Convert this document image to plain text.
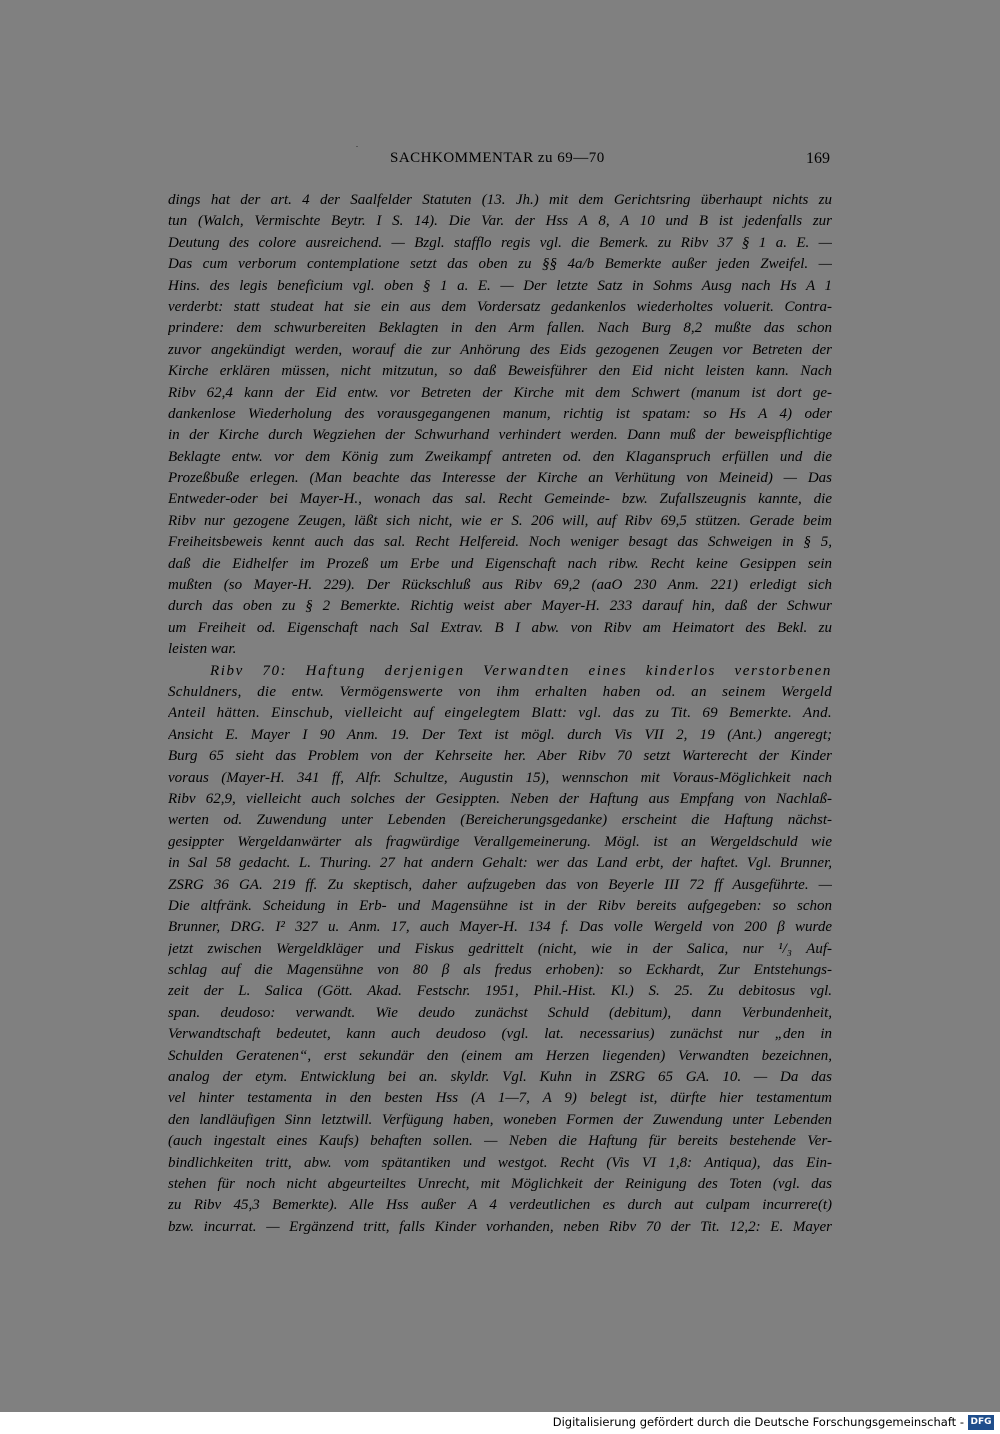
SACHKOMMENTAR zu 69—70	169
dings hat der art. 4 der Saalfelder Statuten (13. Jh.) mit dem Gerichtsring überhaupt nichts zu
tun (Walch, Vermischte Beytr. I S. 14). Die Var. der Hss A 8, A 10 und B ist jedenfalls zur
Deutung des colore ausreichend. — Bzgl. stafflo regis vgl. die Bemerk. zu Ribv 37 § 1 a. E. —
Das cum verborum contemplatione setzt das oben zu §§ 4a/b Bemerkte außer jeden Zweifel. —
Hins. des legis beneficium vgl. oben § 1 a. E. — Der letzte Satz in Sohms Ausg nach Hs A 1
verderbt: statt studeat hat sie ein aus dem Vordersatz gedankenlos wiederholtes voluerit. Contra-
prindere: dem schwurbereiten Beklagten in den Arm fallen. Nach Burg 8,2 mußte das schon
zuvor angekündigt werden, worauf die zur Anhörung des Eids gezogenen Zeugen vor Betreten der
Kirche erklären müssen, nicht mitzutun, so daß Beweisführer den Eid nicht leisten kann. Nach
Ribv 62,4 kann der Eid entw. vor Betreten der Kirche mit dem Schwert (manum ist dort ge-
dankenlose Wiederholung des vorausgegangenen manum, richtig ist spatam: so Hs A 4) oder
in der Kirche durch Wegziehen der Schwurhand verhindert werden. Dann muß der beweispflichtige
Beklagte entw. vor dem König zum Zweikampf antreten od. den Klaganspruch erfüllen und die
Prozeßbuße erlegen. (Man beachte das Interesse der Kirche an Verhütung von Meineid) — Das
Entweder-oder bei Mayer-H., wonach das sal. Recht Gemeinde- bzw. Zufallszeugnis kannte, die
Ribv nur gezogene Zeugen, läßt sich nicht, wie er S. 206 will, auf Ribv 69,5 stützen. Gerade beim
Freiheitsbeweis kennt auch das sal. Recht Helfereid. Noch weniger besagt das Schweigen in § 5,
daß die Eidhelfer im Prozeß um Erbe und Eigenschaft nach ribw. Recht keine Gesippen sein
mußten (so Mayer-H. 229). Der Rückschluß aus Ribv 69,2 (aaO 230 Anm. 221) erledigt sich
durch das oben zu § 2 Bemerkte. Richtig weist aber Mayer-H. 233 darauf hin, daß der Schwur
um Freiheit od. Eigenschaft nach Sal Extrav. B I abw. von Ribv am Heimatort des Bekl. zu
leisten war.
Ribv 70: Haftung derjenigen Verwandten eines kinderlos verstorbenen
Schuldners, die entw. Vermögenswerte von ihm erhalten haben od. an seinem Wergeld
Anteil hätten. Einschub, vielleicht auf eingelegtem Blatt: vgl. das zu Tit. 69 Bemerkte. And.
Ansicht E. Mayer I 90 Anm. 19. Der Text ist mögl. durch Vis VII 2, 19 (Ant.) angeregt;
Burg 65 sieht das Problem von der Kehrseite her. Aber Ribv 70 setzt Warterecht der Kinder
voraus (Mayer-H. 341 ff, Alfr. Schultze, Augustin 15), wennschon mit Voraus-Möglichkeit nach
Ribv 62,9, vielleicht auch solches der Gesippten. Neben der Haftung aus Empfang von Nachlaß-
werten od. Zuwendung unter Lebenden (Bereicherungsgedanke) erscheint die Haftung nächst-
gesippter Wergeldanwärter als fragwürdige Verallgemeinerung. Mögl. ist an Wergeldschuld wie
in Sal 58 gedacht. L. Thuring. 27 hat andern Gehalt: wer das Land erbt, der haftet. Vgl. Brunner,
ZSRG 36 GA. 219 ff. Zu skeptisch, daher aufzugeben das von Beyerle III 72 ff Ausgeführte. —
Die altfränk. Scheidung in Erb- und Magensühne ist in der Ribv bereits aufgegeben: so schon
Brunner, DRG. I² 327 u. Anm. 17, auch Mayer-H. 134 f. Das volle Wergeld von 200 β wurde
jetzt zwischen Wergeldkläger und Fiskus gedrittelt (nicht, wie in der Salica, nur ¹/₃ Auf-
schlag auf die Magensühne von 80 β als fredus erhoben): so Eckhardt, Zur Entstehungs-
zeit der L. Salica (Gött. Akad. Festschr. 1951, Phil.-Hist. Kl.) S. 25. Zu debitosus vgl.
span. deudoso: verwandt. Wie deudo zunächst Schuld (debitum), dann Verbundenheit,
Verwandtschaft bedeutet, kann auch deudoso (vgl. lat. necessarius) zunächst nur „den in
Schulden Geratenen“, erst sekundär den (einem am Herzen liegenden) Verwandten bezeichnen,
analog der etym. Entwicklung bei an. skyldr. Vgl. Kuhn in ZSRG 65 GA. 10. — Da das
vel hinter testamenta in den besten Hss (A 1—7, A 9) belegt ist, dürfte hier testamentum
den landläufigen Sinn letztwill. Verfügung haben, woneben Formen der Zuwendung unter Lebenden
(auch ingestalt eines Kaufs) behaften sollen. — Neben die Haftung für bereits bestehende Ver-
bindlichkeiten tritt, abw. vom spätantiken und westgot. Recht (Vis VI 1,8: Antiqua), das Ein-
stehen für noch nicht abgeurteiltes Unrecht, mit Möglichkeit der Reinigung des Toten (vgl. das
zu Ribv 45,3 Bemerkte). Alle Hss außer A 4 verdeutlichen es durch aut culpam incurrere(t)
bzw. incurrat. — Ergänzend tritt, falls Kinder vorhanden, neben Ribv 70 der Tit. 12,2: E. Mayer
Digitalisierung gefördert durch die Deutsche Forschungsgemeinschaft - DFG
